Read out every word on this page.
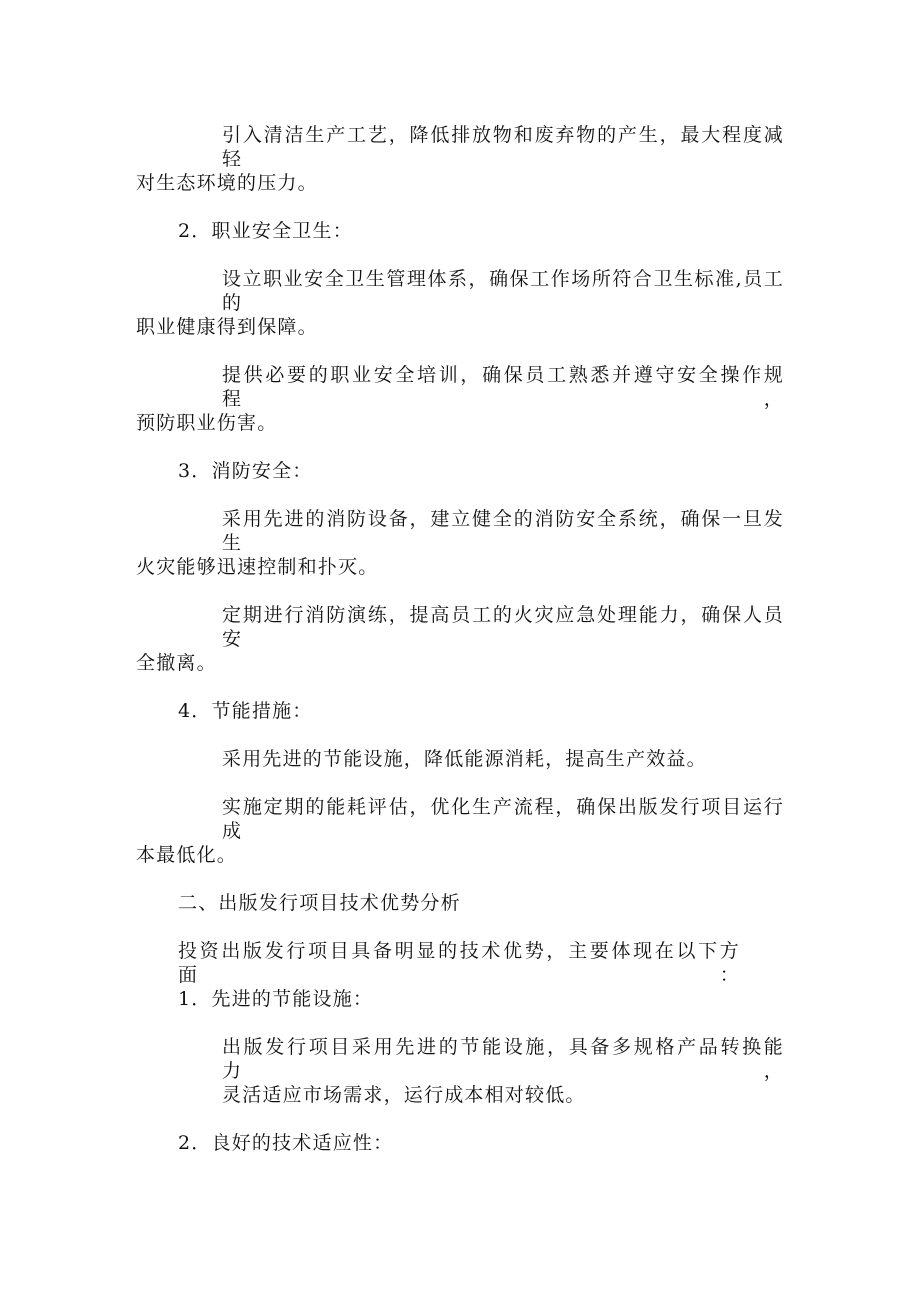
引入清洁生产工艺，降低排放物和废弃物的产生，最大程度减轻
对生态环境的压力。
2．职业安全卫生：
设立职业安全卫生管理体系，确保工作场所符合卫生标准,员工的
职业健康得到保障。
提供必要的职业安全培训，确保员工熟悉并遵守安全操作规程，
预防职业伤害。
3．消防安全：
采用先进的消防设备，建立健全的消防安全系统，确保一旦发生
火灾能够迅速控制和扑灭。
定期进行消防演练，提高员工的火灾应急处理能力，确保人员安
全撤离。
4．节能措施：
采用先进的节能设施，降低能源消耗，提高生产效益。
实施定期的能耗评估，优化生产流程，确保出版发行项目运行成
本最低化。
二、出版发行项目技术优势分析
投资出版发行项目具备明显的技术优势，主要体现在以下方面：
1．先进的节能设施：
出版发行项目采用先进的节能设施，具备多规格产品转换能力，
灵活适应市场需求，运行成本相对较低。
2．良好的技术适应性：
